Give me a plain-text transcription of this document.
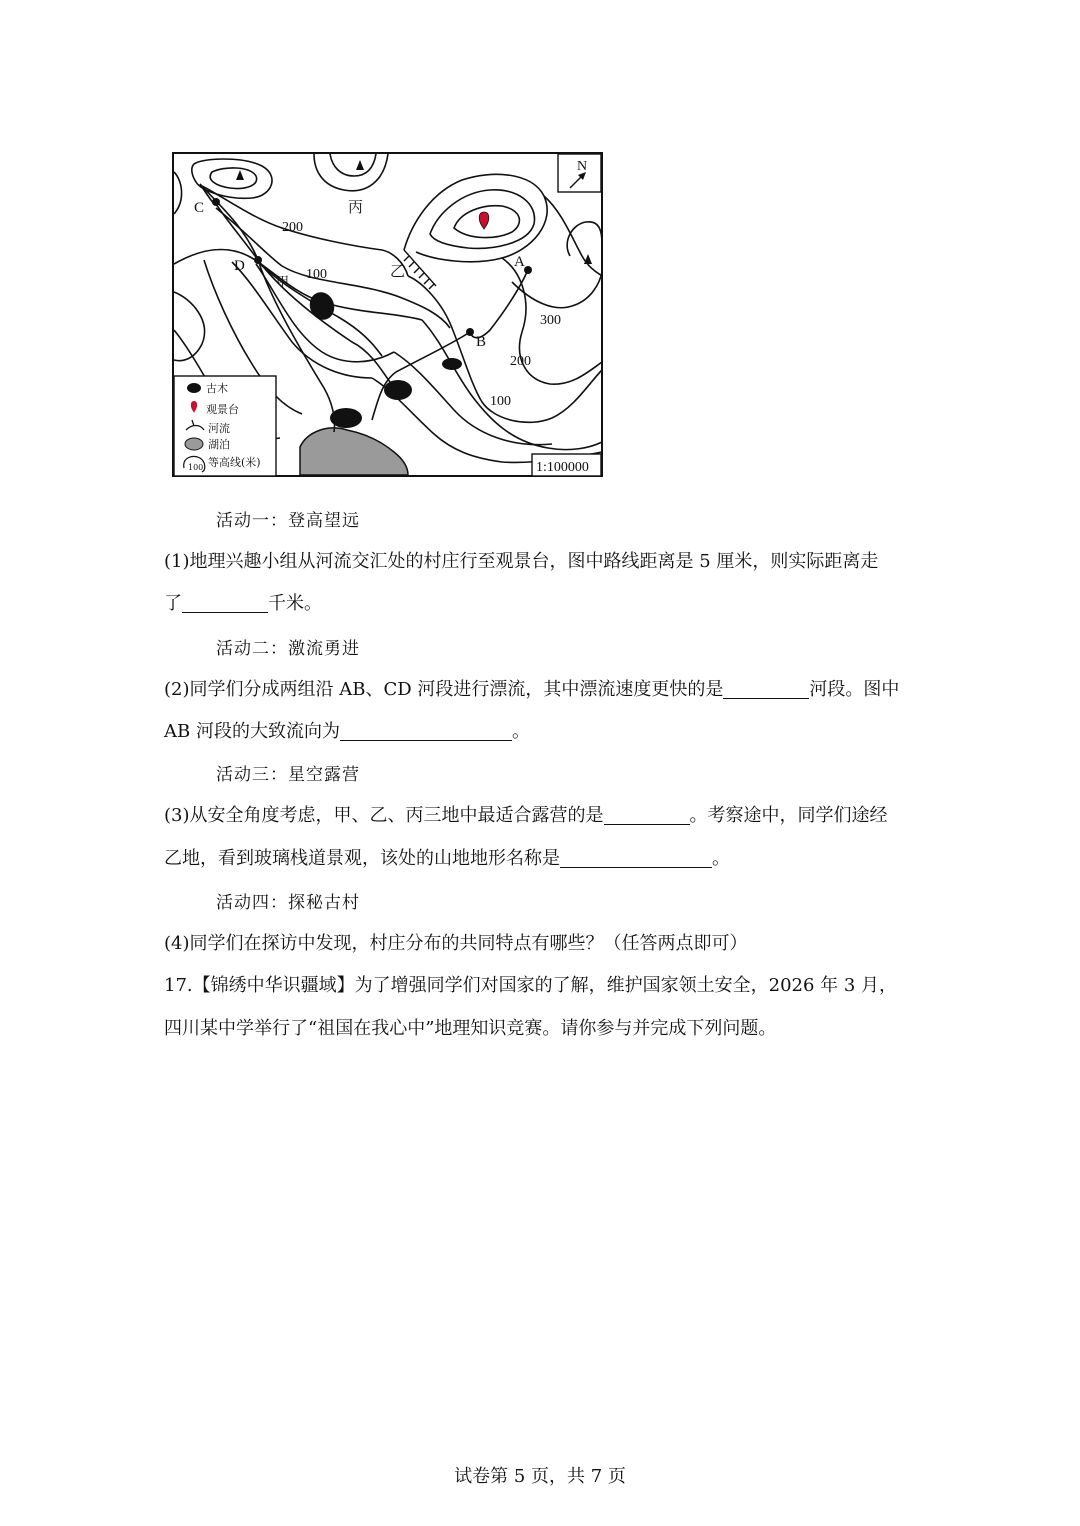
C
D	A
B
甲
乙
丙
200
100
300
200
100
N
1:100000
古木
观景台
河流
湖泊
100 等高线(米)
活动一：登高望远
(1)地理兴趣小组从河流交汇处的村庄行至观景台，图中路线距离是 5 厘米，则实际距离走
了	千米。
活动二：激流勇进
(2)同学们分成两组沿 AB、CD 河段进行漂流，其中漂流速度更快的是	河段。图中
AB 河段的大致流向为	。
活动三：星空露营
(3)从安全角度考虑，甲、乙、丙三地中最适合露营的是	。考察途中，同学们途经
乙地，看到玻璃栈道景观，该处的山地地形名称是	。
活动四：探秘古村
(4)同学们在探访中发现，村庄分布的共同特点有哪些？（任答两点即可）
17.【锦绣中华识疆域】为了增强同学们对国家的了解，维护国家领土安全，2026 年 3 月，
四川某中学举行了“祖国在我心中”地理知识竞赛。请你参与并完成下列问题。
试卷第 5 页，共 7 页
